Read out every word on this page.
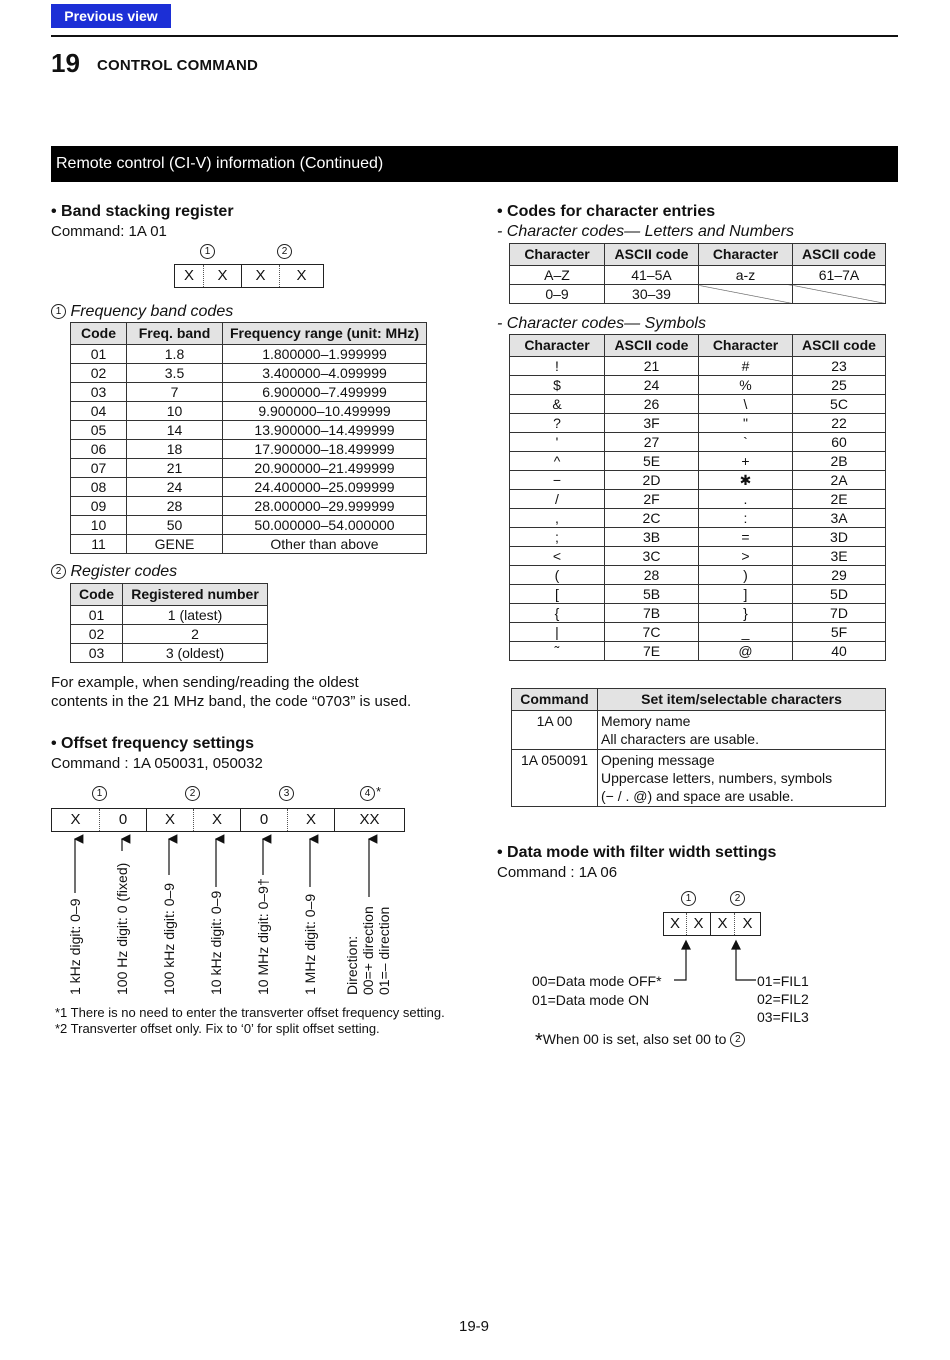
Previous view
19 CONTROL COMMAND
Remote control (CI-V) information (Continued)
• Band stacking register
Command: 1A 01
1	2
X	X	X	X
1 Frequency band codes
Code	Freq. band	Frequency range (unit: MHz)
01	1.8	1.800000–1.999999
02	3.5	3.400000–4.099999
03	7	6.900000–7.499999
04	10	9.900000–10.499999
05	14	13.900000–14.499999
06	18	17.900000–18.499999
07	21	20.900000–21.499999
08	24	24.400000–25.099999
09	28	28.000000–29.999999
10	50	50.000000–54.000000
11	GENE	Other than above
2 Register codes
Code	Registered number
01	1 (latest)
02	2
03	3 (oldest)
For example, when sending/reading the oldest
contents in the 21 MHz band, the code “0703” is used.
• Offset frequency settings
Command : 1A 050031, 050032
1	2	3	4 *
X	0	X	X	0	X	XX
1 kHz digit: 0–9 100 Hz digit: 0 (fixed) 100 kHz digit: 0–9 10 kHz digit: 0–9 10 MHz digit: 0–9† 1 MHz digit: 0–9 Direction:
00=+ direction
01=– direction
*1 There is no need to enter the transverter offset frequency setting.
*2 Transverter offset only. Fix to ‘0’ for split offset setting.
• Codes for character entries
- Character codes— Letters and Numbers
Character	ASCII code	Character	ASCII code
A–Z	41–5A	a-z	61–7A
0–9	30–39		
- Character codes— Symbols
Character	ASCII code	Character	ASCII code
!	21	#	23
$	24	%	25
&	26	\	5C
?	3F	"	22
'	27	`	60
^	5E	+	2B
−	2D	✱	2A
/	2F	.	2E
,	2C	:	3A
;	3B	=	3D
<	3C	>	3E
(	28	)	29
[	5B	]	5D
{	7B	}	7D
|	7C	_	5F
˜	7E	@	40
Command	Set item/selectable characters
1A 00	Memory name
All characters are usable.

1A 050091	Opening message
Uppercase letters, numbers, symbols
(− / . @) and space are usable.
• Data mode with filter width settings
Command : 1A 06
1	2
X X X X
00=Data mode OFF*
01=Data mode ON
01=FIL1
02=FIL2
03=FIL3
*When 00 is set, also set 00 to 2
19-9
